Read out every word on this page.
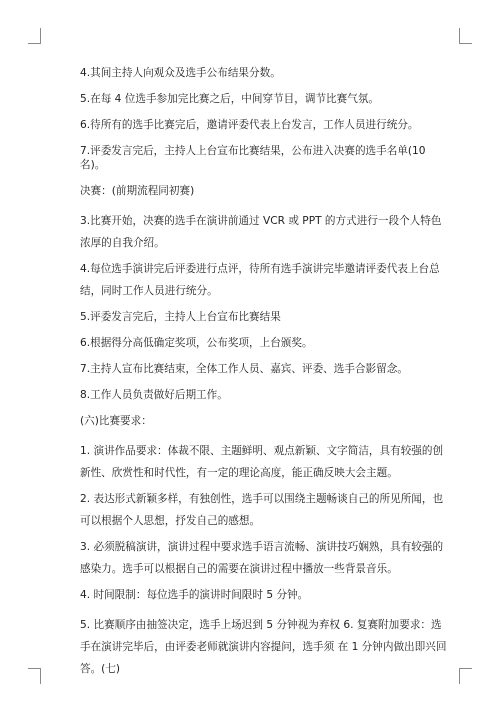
4.其间主持人向观众及选手公布结果分数。

5.在每 4 位选手参加完比赛之后，中间穿节目，调节比赛气氛。

6.待所有的选手比赛完后，邀请评委代表上台发言，工作人员进行统分。

7.评委发言完后，主持人上台宣布比赛结果，公布进入决赛的选手名单(10 名)。

决赛：(前期流程同初赛)

3.比赛开始，决赛的选手在演讲前通过 VCR 或 PPT 的方式进行一段个人特色浓厚的自我介绍。

4.每位选手演讲完后评委进行点评，待所有选手演讲完毕邀请评委代表上台总结，同时工作人员进行统分。

5.评委发言完后，主持人上台宣布比赛结果

6.根据得分高低确定奖项，公布奖项，上台颁奖。

7.主持人宣布比赛结束，全体工作人员、嘉宾、评委、选手合影留念。

8.工作人员负责做好后期工作。

(六)比赛要求：

1. 演讲作品要求：体裁不限、主题鲜明、观点新颖、文字简洁，具有较强的创新性、欣赏性和时代性，有一定的理论高度，能正确反映大会主题。

2. 表达形式新颖多样，有独创性，选手可以围绕主题畅谈自己的所见所闻，也可以根据个人思想，抒发自己的感想。

3. 必须脱稿演讲，演讲过程中要求选手语言流畅、演讲技巧娴熟，具有较强的感染力。选手可以根据自己的需要在演讲过程中播放一些背景音乐。

4. 时间限制：每位选手的演讲时间限时 5 分钟。

5. 比赛顺序由抽签决定，选手上场迟到 5 分钟视为弃权 6. 复赛附加要求：选手在演讲完毕后，由评委老师就演讲内容提问，选手须 在 1 分钟内做出即兴回答。(七)
